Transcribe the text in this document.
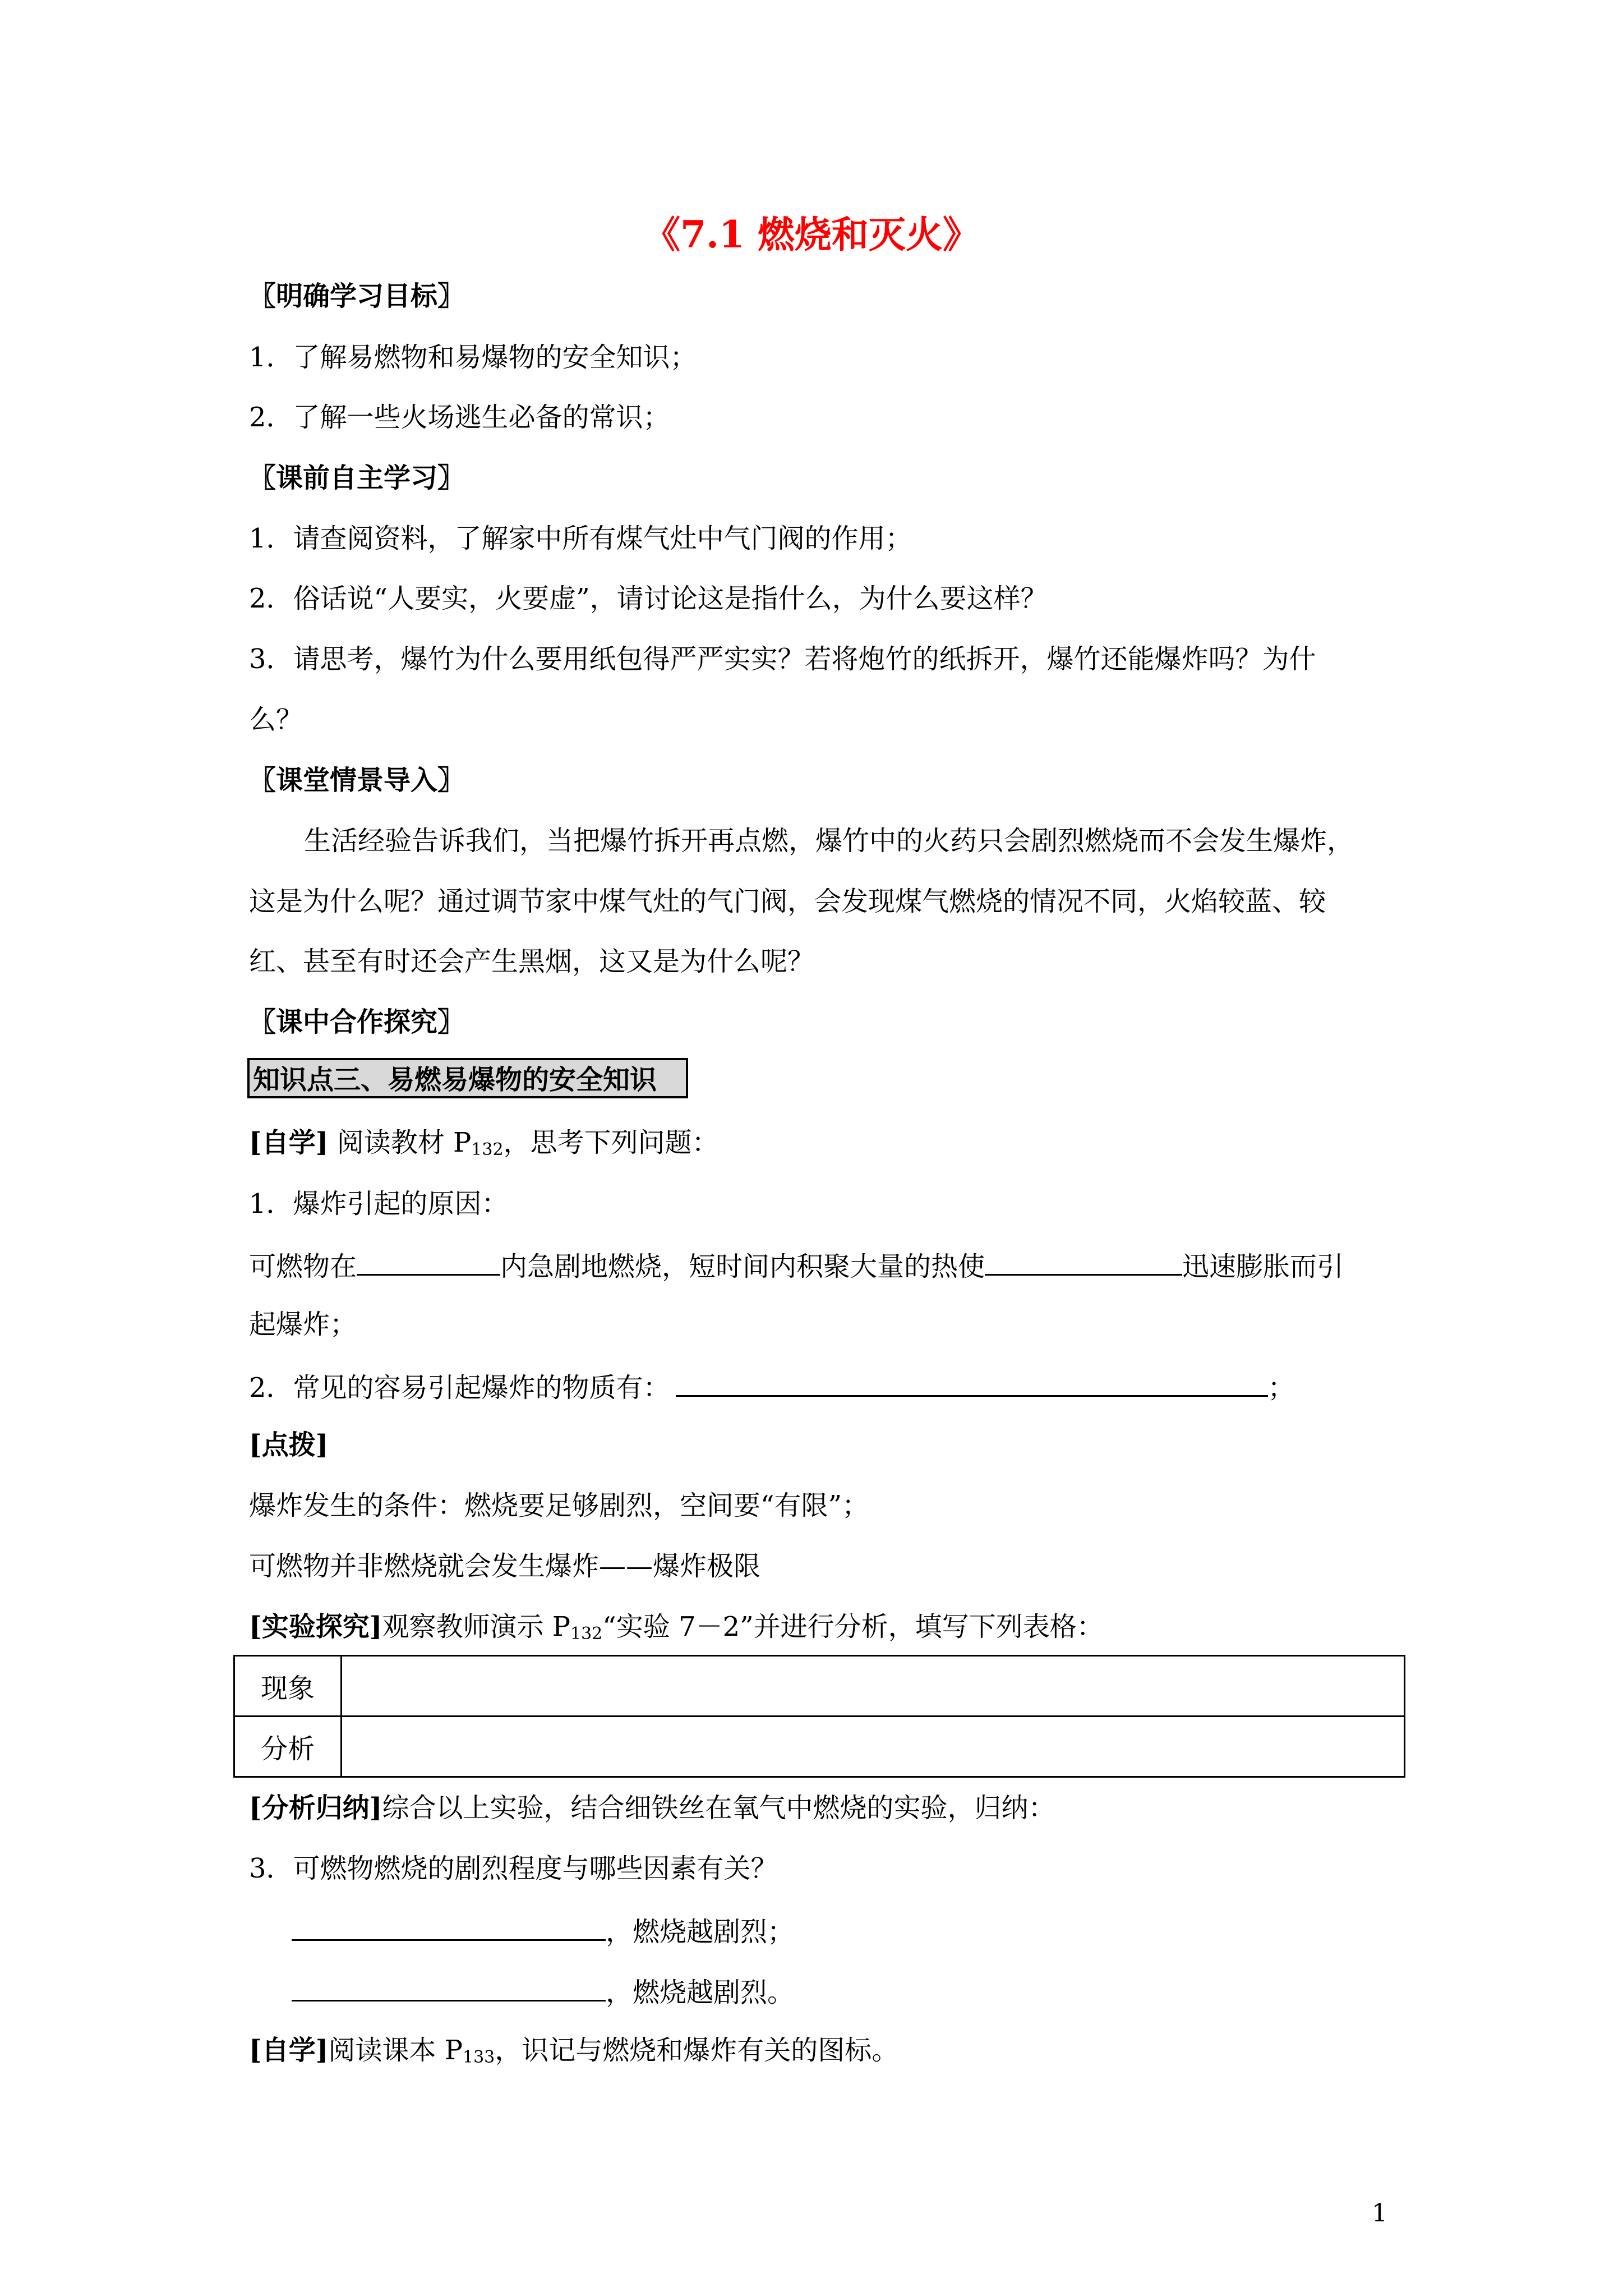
《7.1 燃烧和灭火》
〖明确学习目标〗
1．了解易燃物和易爆物的安全知识；
2．了解一些火场逃生必备的常识；
〖课前自主学习〗
1．请查阅资料，了解家中所有煤气灶中气门阀的作用；
2．俗话说“人要实，火要虚”，请讨论这是指什么，为什么要这样？
3．请思考，爆竹为什么要用纸包得严严实实？若将炮竹的纸拆开，爆竹还能爆炸吗？为什
么？
〖课堂情景导入〗
生活经验告诉我们，当把爆竹拆开再点燃，爆竹中的火药只会剧烈燃烧而不会发生爆炸，
这是为什么呢？通过调节家中煤气灶的气门阀，会发现煤气燃烧的情况不同，火焰较蓝、较
红、甚至有时还会产生黑烟，这又是为什么呢？
〖课中合作探究〗
知识点三、易燃易爆物的安全知识
[自学] 阅读教材 $P_{132}$，思考下列问题：
1．爆炸引起的原因：
可燃物在	内急剧地燃烧，短时间内积聚大量的热使	迅速膨胀而引
起爆炸；
2．常见的容易引起爆炸的物质有：	；
[点拨]
爆炸发生的条件：燃烧要足够剧烈，空间要“有限”；
可燃物并非燃烧就会发生爆炸——爆炸极限
[实验探究]观察教师演示 $P_{132}“$实验 7－2”并进行分析，填写下列表格：
现象	
分析	
[分析归纳]综合以上实验，结合细铁丝在氧气中燃烧的实验，归纳：
3．可燃物燃烧的剧烈程度与哪些因素有关？
，燃烧越剧烈；
，燃烧越剧烈。
[自学]阅读课本 $P_{133}$，识记与燃烧和爆炸有关的图标。
1
